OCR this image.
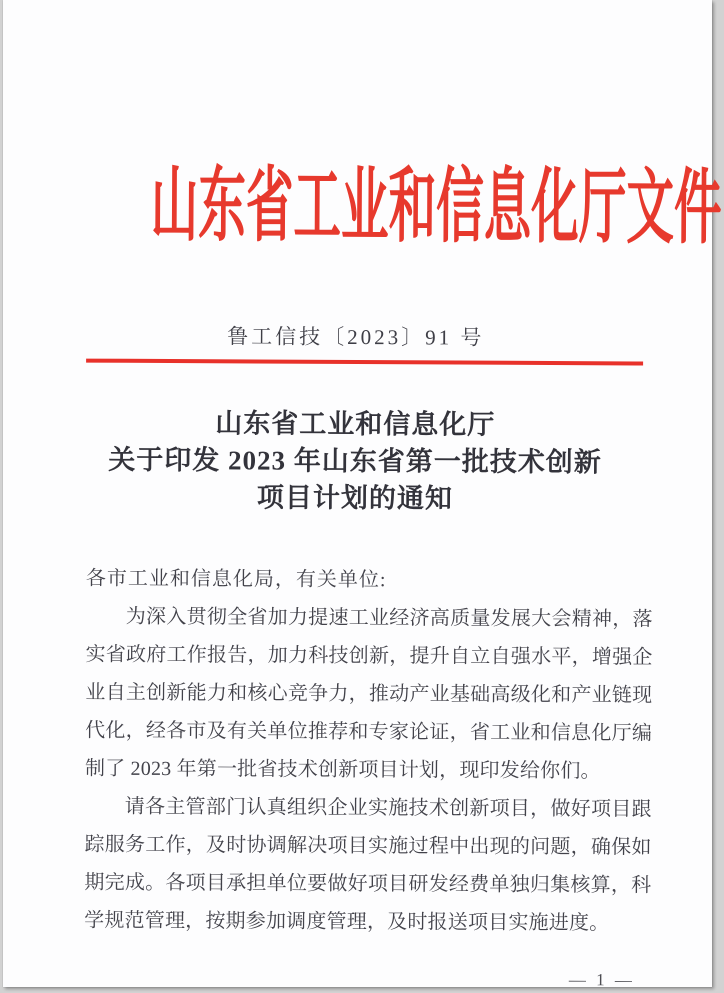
山东省工业和信息化厅文件
鲁工信技〔2023〕91 号
山东省工业和信息化厅
关于印发 2023 年山东省第一批技术创新
项目计划的通知
各市工业和信息化局，有关单位:

为深入贯彻全省加力提速工业经济高质量发展大会精神，落实省政府工作报告，加力科技创新，提升自立自强水平，增强企业自主创新能力和核心竞争力，推动产业基础高级化和产业链现代化，经各市及有关单位推荐和专家论证，省工业和信息化厅编制了 2023 年第一批省技术创新项目计划，现印发给你们。

请各主管部门认真组织企业实施技术创新项目，做好项目跟踪服务工作，及时协调解决项目实施过程中出现的问题，确保如期完成。各项目承担单位要做好项目研发经费单独归集核算，科学规范管理，按期参加调度管理，及时报送项目实施进度。

— 1 —
